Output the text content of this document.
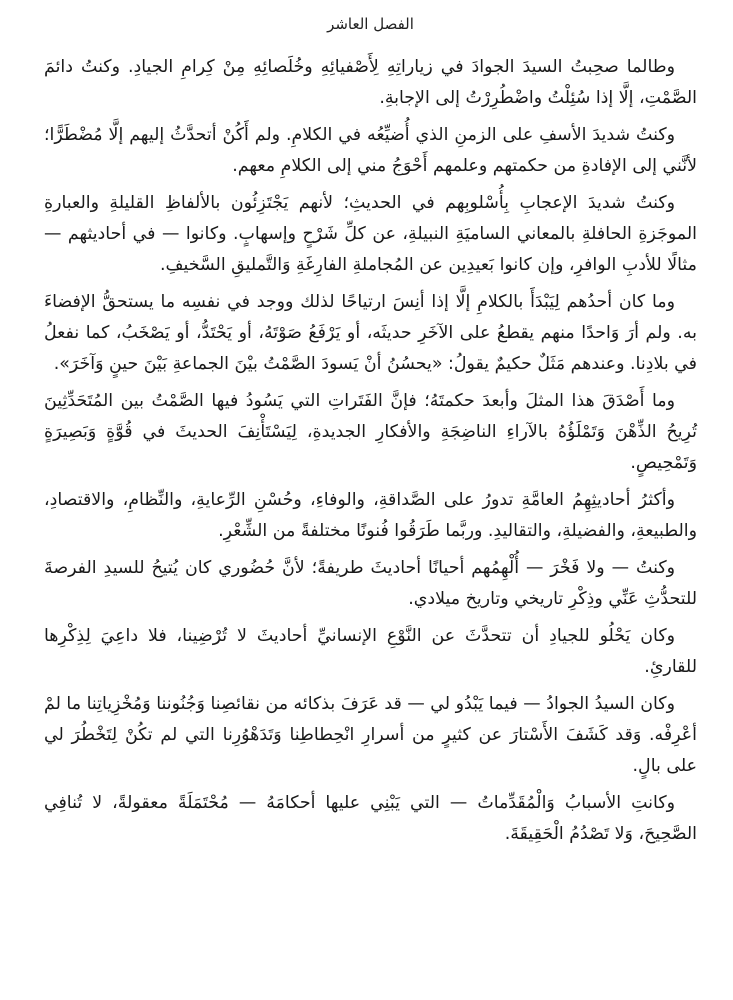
الفصل العاشر

وطالما صحِبتُ السيدَ الجوادَ في زياراتِهِ لِأَصْفيائِهِ وخُلَصائِهِ مِنْ كِرامِ الجيادِ. وكنتُ دائمَ الصَّمْتِ، إلَّا إذا سُئِلْتُ واضْطُرِرْتُ إلى الإجابةِ.

وكنتُ شديدَ الأسفِ على الزمنِ الذي أُضيِّعُه في الكلامِ. ولم أَكُنْ أتحدَّثُ إليهم إلَّا مُضْطَرًّا؛ لأنَّني إلى الإفادةِ من حكمتهم وعلمهم أَحْوَجُ مني إلى الكلامِ معهم.

وكنتُ شديدَ الإعجابِ بِأُسْلوبِهم في الحديثِ؛ لأنهم يَجْتَزِئُون بالألفاظِ القليلةِ والعبارةِ الموجَزةِ الحافلةِ بالمعاني الساميَةِ النبيلةِ، عن كلِّ شَرْحٍ وإسهابٍ. وكانوا — في أحاديثهم — مثالًا للأدبِ الوافرِ، وإن كانوا بَعيدِين عن المُجاملةِ الفارِغَةِ وَالتَّمليقِ السَّخيفِ.

وما كان أحدُهم لِيَبْدَأَ بالكلامِ إلَّا إذا أنِسَ ارتياحًا لذلك ووجد في نفسِه ما يستحقُّ الإفضاءَ به. ولم أرَ وَاحدًا منهم يقطعُ على الآخَرِ حديثَه، أو يَرْفَعُ صَوْتَهُ، أو يَحْتَدُّ، أو يَصْخَبُ، كما نفعلُ في بلادِنا. وعندهم مَثَلٌ حكيمٌ يقولُ: «يحسُنُ أنْ يَسودَ الصَّمْتُ بيْنَ الجماعةِ بَيْنَ حينٍ وَآخَرَ».

وما أَصْدَقَ هذا المثلَ وأبعدَ حكمتَهُ؛ فإنَّ الفَتَراتِ التي يَسُودُ فيها الصَّمْتُ بين المُتَحَدِّثِينَ تُرِيحُ الذِّهْنَ وَتَمْلَؤُهُ بالآراءِ الناضِجَةِ والأفكارِ الجديدةِ، لِيَسْتَأْنِفَ الحديثَ في قُوَّةٍ وَبَصِيرَةٍ وَتَمْحِيصٍ.

وأكثرُ أحاديثِهِمُ العامَّةِ تدورُ على الصَّداقةِ، والوفاءِ، وحُسْنِ الرِّعايةِ، والنِّظامِ، والاقتصادِ، والطبيعةِ، والفضيلةِ، والتقاليدِ. وربَّما طَرَقُوا فُنونًا مختلفةً من الشِّعْرِ.

وكنتُ — ولا فَخْرَ — أُلْهِمُهم أحيانًا أحاديثَ طريفةً؛ لأنَّ حُضُوري كان يُتيحُ للسيدِ الفرصةَ للتحدُّثِ عَنِّي وذِكْرِ تاريخي وتاريخ ميلادي.

وكان يَحْلُو للجيادِ أن تتحدَّثَ عن النَّوْعِ الإنسانيِّ أحاديثَ لا تُرْضِينا، فلا داعِيَ لِذِكْرِها للقارئِ.

وكان السيدُ الجوادُ — فيما يَبْدُو لي — قد عَرَفَ بذكائه من نقائصِنا وَجُنُوننا وَمُخْزِياتِنا ما لمْ أعْرِفْه. وَقد كَشَفَ الأَسْتارَ عن كثيرٍ من أسرارِ انْحِطاطِنا وَتَدَهْوُرِنا التي لم تكُنْ لِتَخْطُرَ لي على بالٍ.

وكانتِ الأسبابُ وَالْمُقَدِّماتُ — التي يَبْنِي عليها أحكامَهُ — مُحْتَمَلَةً معقولةً، لا تُنافِي الصَّحِيحَ، وَلا تَصْدُمُ الْحَقِيقَةَ.
